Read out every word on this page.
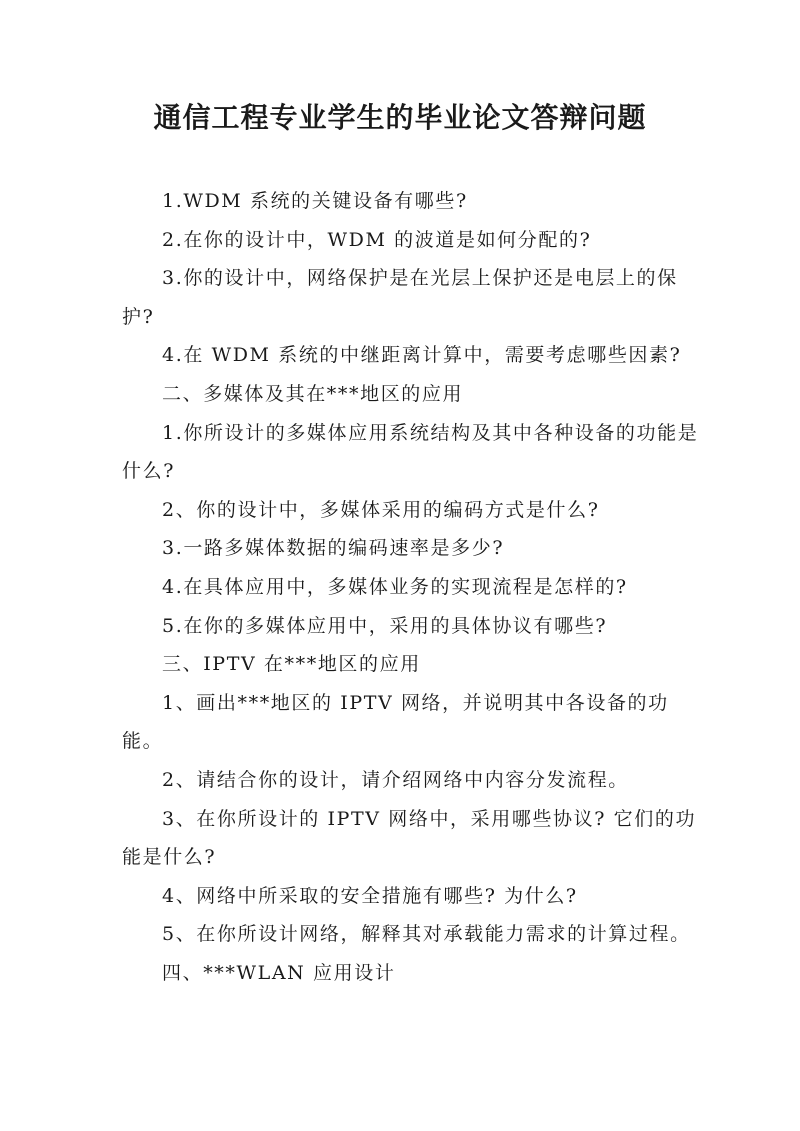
通信工程专业学生的毕业论文答辩问题

1.WDM 系统的关键设备有哪些?

2.在你的设计中，WDM 的波道是如何分配的?

3.你的设计中，网络保护是在光层上保护还是电层上的保护?

4.在 WDM 系统的中继距离计算中，需要考虑哪些因素?

二、多媒体及其在***地区的应用

1.你所设计的多媒体应用系统结构及其中各种设备的功能是什么?

2、你的设计中，多媒体采用的编码方式是什么?

3.一路多媒体数据的编码速率是多少?

4.在具体应用中，多媒体业务的实现流程是怎样的?

5.在你的多媒体应用中，采用的具体协议有哪些?

三、IPTV 在***地区的应用

1、画出***地区的 IPTV 网络，并说明其中各设备的功能。

2、请结合你的设计，请介绍网络中内容分发流程。

3、在你所设计的 IPTV 网络中，采用哪些协议? 它们的功能是什么?

4、网络中所采取的安全措施有哪些? 为什么?

5、在你所设计网络，解释其对承载能力需求的计算过程。

四、***WLAN 应用设计
